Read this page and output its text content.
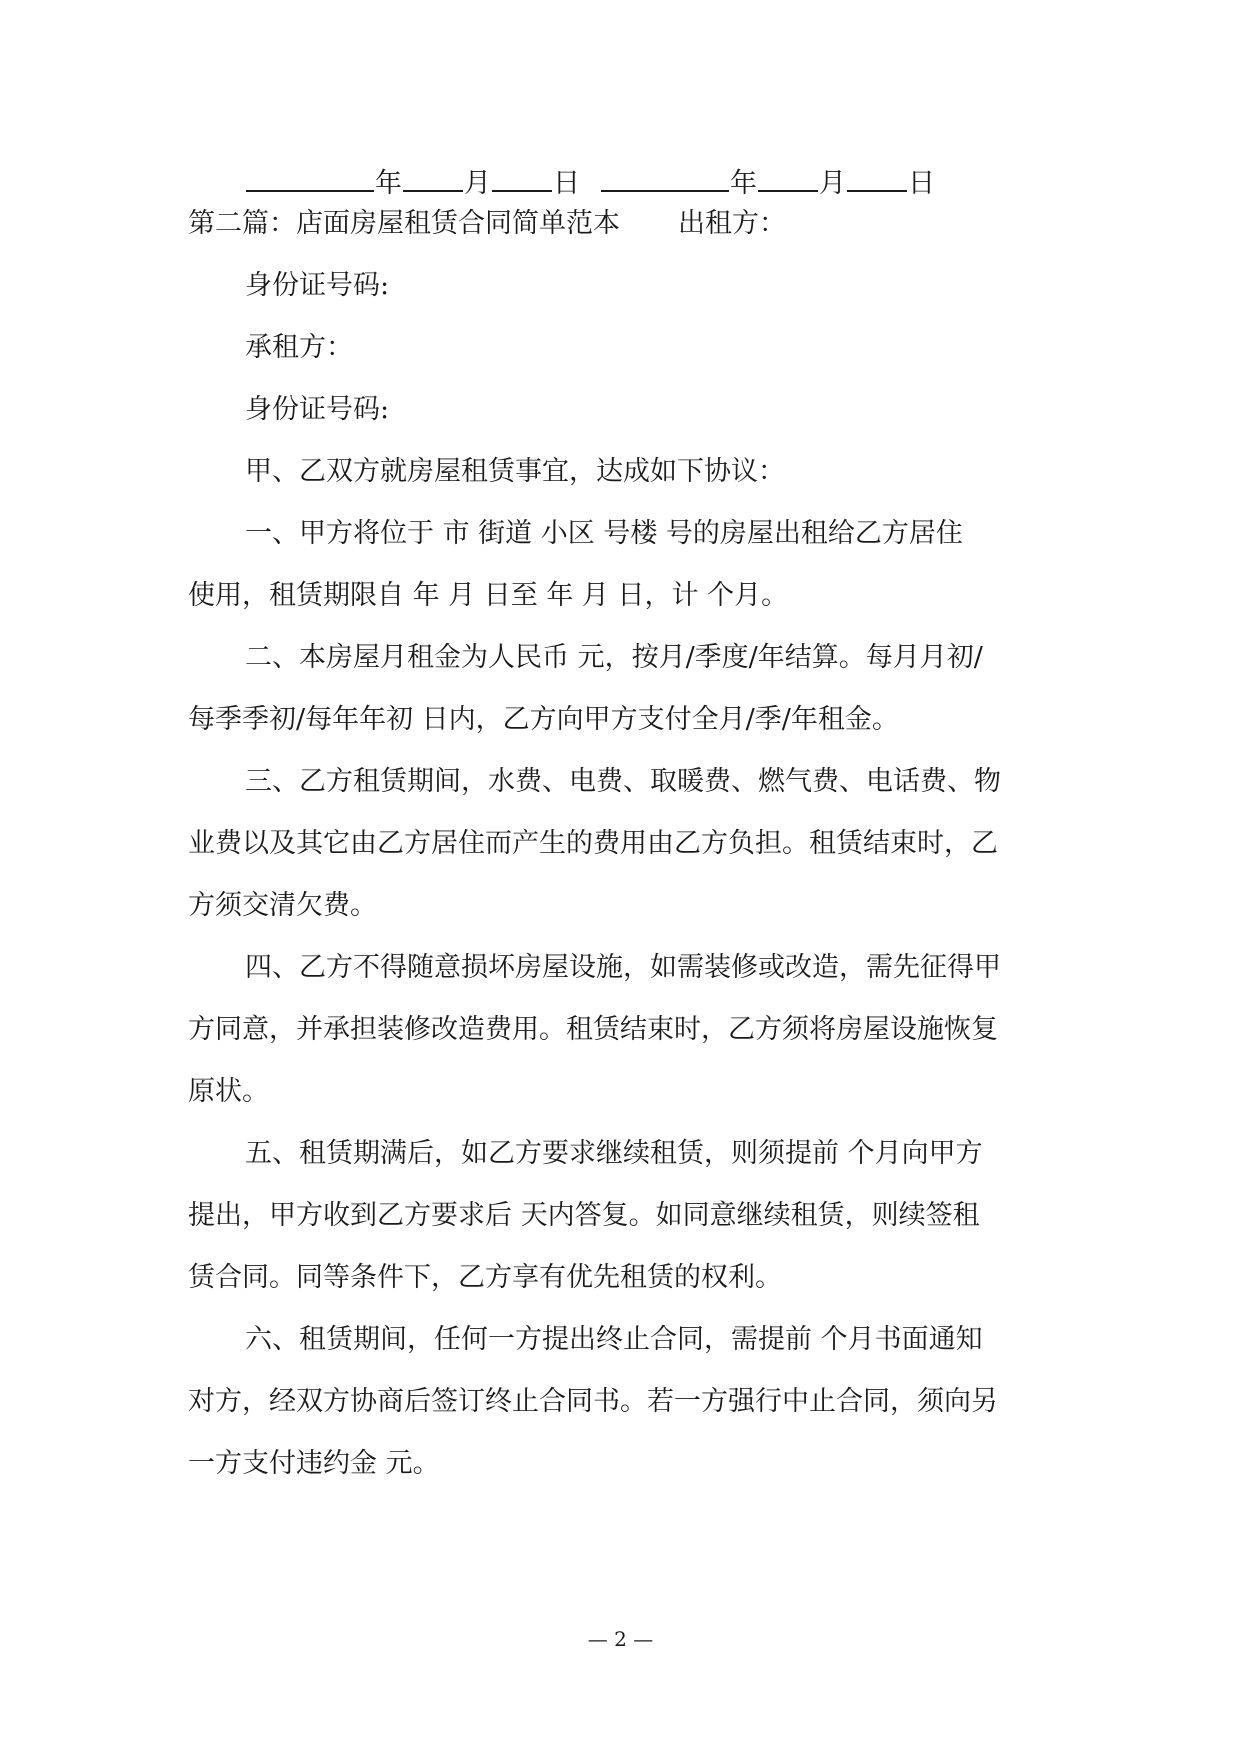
年 月 日	年 月 日
第二篇：店面房屋租赁合同简单范本 出租方：
身份证号码:
承租方：
身份证号码:
甲、乙双方就房屋租赁事宜，达成如下协议：
一、甲方将位于 市 街道 小区 号楼 号的房屋出租给乙方居住
使用，租赁期限自 年 月 日至 年 月 日，计 个月。
二、本房屋月租金为人民币 元，按月/季度/年结算。每月月初/
每季季初/每年年初 日内，乙方向甲方支付全月/季/年租金。
三、乙方租赁期间，水费、电费、取暖费、燃气费、电话费、物
业费以及其它由乙方居住而产生的费用由乙方负担。租赁结束时，乙
方须交清欠费。
四、乙方不得随意损坏房屋设施，如需装修或改造，需先征得甲
方同意，并承担装修改造费用。租赁结束时，乙方须将房屋设施恢复
原状。
五、租赁期满后，如乙方要求继续租赁，则须提前 个月向甲方
提出，甲方收到乙方要求后 天内答复。如同意继续租赁，则续签租
赁合同。同等条件下，乙方享有优先租赁的权利。
六、租赁期间，任何一方提出终止合同，需提前 个月书面通知
对方，经双方协商后签订终止合同书。若一方强行中止合同，须向另
一方支付违约金 元。
— 2 —
